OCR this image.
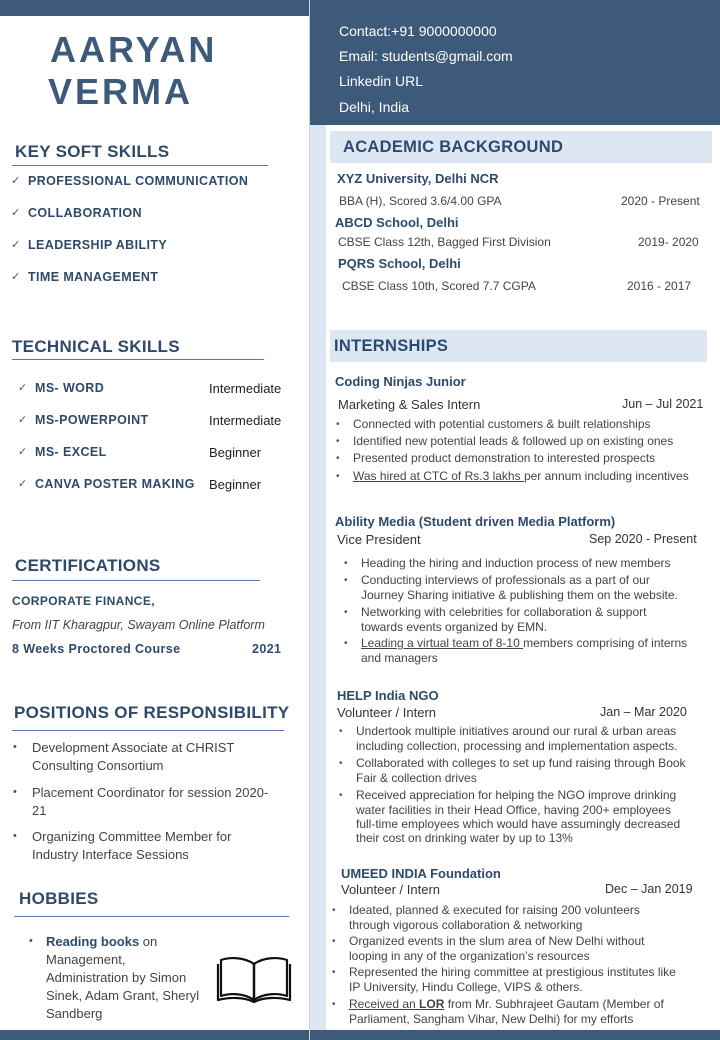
AARYAN
VERMA
Contact:+91 9000000000
Email: students@gmail.com
Linkedin URL
Delhi, India
KEY SOFT SKILLS
✓ PROFESSIONAL COMMUNICATION
✓ COLLABORATION
✓ LEADERSHIP ABILITY
✓ TIME MANAGEMENT
TECHNICAL SKILLS
✓ MS- WORD	Intermediate
✓ MS-POWERPOINT	Intermediate
✓ MS- EXCEL	Beginner
✓ CANVA POSTER MAKING Beginner
CERTIFICATIONS
CORPORATE FINANCE,
From IIT Kharagpur, Swayam Online Platform
8 Weeks Proctored Course	2021
POSITIONS OF RESPONSIBILITY
• Development Associate at CHRIST
Consulting Consortium
• Placement Coordinator for session 2020-
21
• Organizing Committee Member for
Industry Interface Sessions
HOBBIES
• Reading books on
Management,
Administration by Simon
Sinek, Adam Grant, Sheryl
Sandberg
ACADEMIC BACKGROUND
XYZ University, Delhi NCR
BBA (H), Scored 3.6/4.00 GPA	2020 - Present
ABCD School, Delhi
CBSE Class 12th, Bagged First Division	2019- 2020
PQRS School, Delhi
CBSE Class 10th, Scored 7.7 CGPA	2016 - 2017
INTERNSHIPS
Coding Ninjas Junior
Marketing & Sales Intern	Jun – Jul 2021
• Connected with potential customers & built relationships
• Identified new potential leads & followed up on existing ones
• Presented product demonstration to interested prospects
• Was hired at CTC of Rs.3 lakhs per annum including incentives
Ability Media (Student driven Media Platform)
Vice President	Sep 2020 - Present
• Heading the hiring and induction process of new members
• Conducting interviews of professionals as a part of our
Journey Sharing initiative & publishing them on the website.
• Networking with celebrities for collaboration & support
towards events organized by EMN.
• Leading a virtual team of 8-10 members comprising of interns
and managers
HELP India NGO
Volunteer / Intern	Jan – Mar 2020
• Undertook multiple initiatives around our rural & urban areas
including collection, processing and implementation aspects.
• Collaborated with colleges to set up fund raising through Book
Fair & collection drives
• Received appreciation for helping the NGO improve drinking
water facilities in their Head Office, having 200+ employees
full-time employees which would have assumingly decreased
their cost on drinking water by up to 13%
UMEED INDIA Foundation
Volunteer / Intern	Dec – Jan 2019
• Ideated, planned & executed for raising 200 volunteers
through vigorous collaboration & networking
• Organized events in the slum area of New Delhi without
looping in any of the organization’s resources
• Represented the hiring committee at prestigious institutes like
IP University, Hindu College, VIPS & others.
• Received an LOR from Mr. Subhrajeet Gautam (Member of
Parliament, Sangham Vihar, New Delhi) for my efforts
